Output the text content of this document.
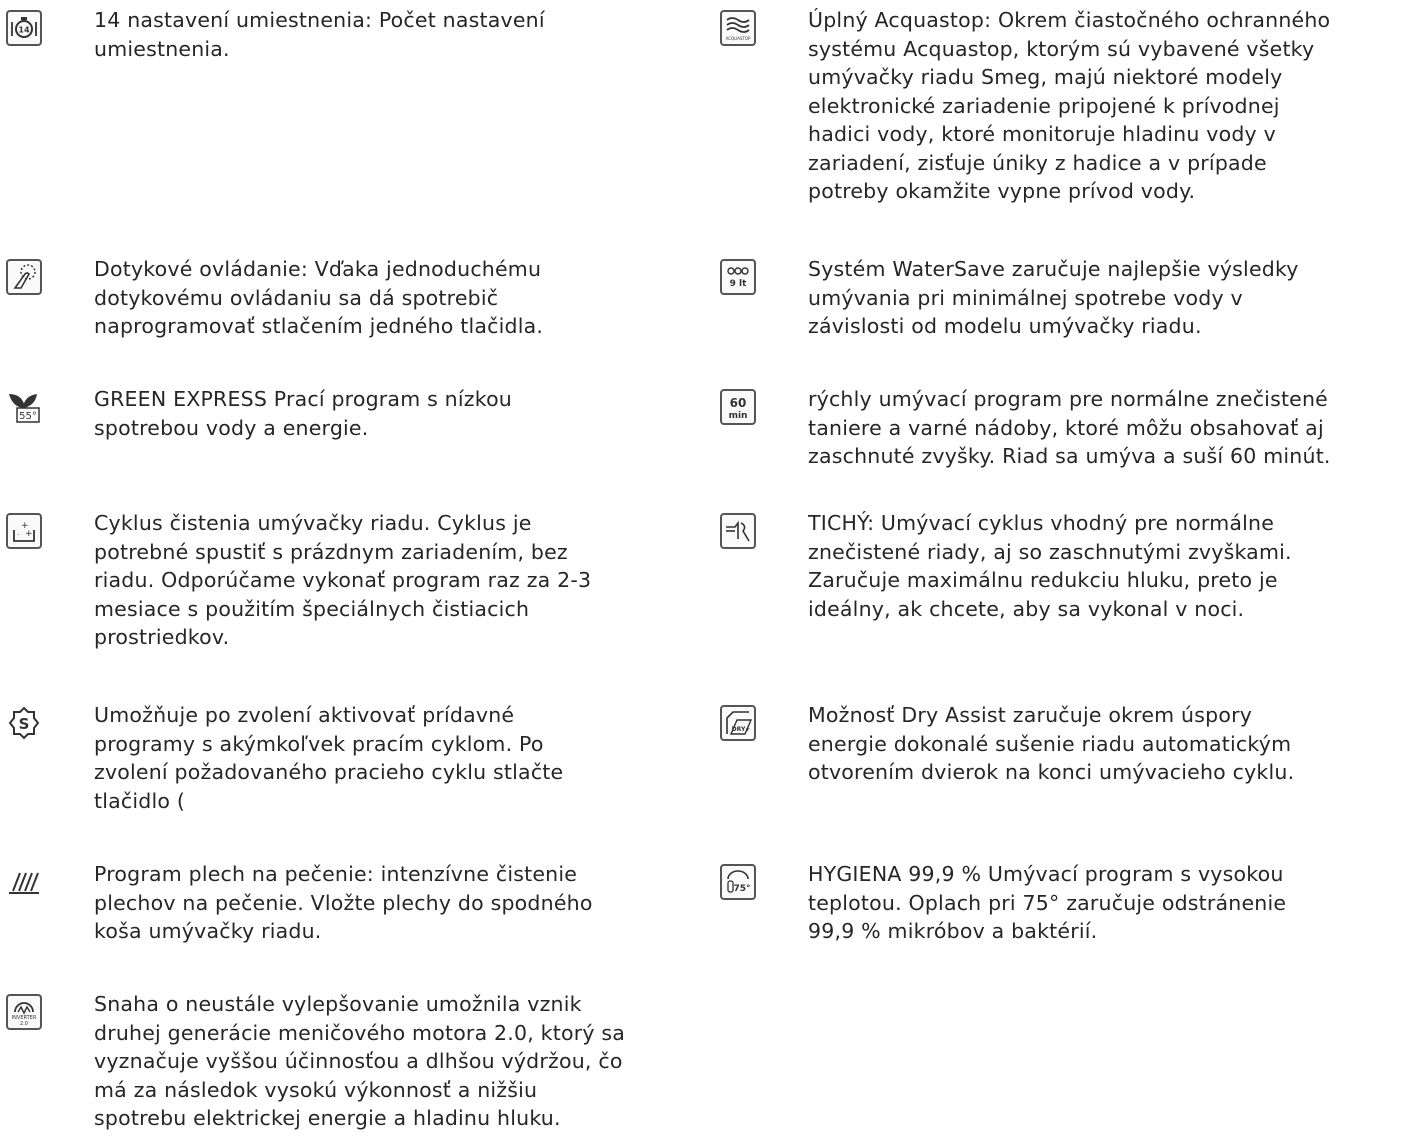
14	14 nastavení umiestnenia: Počet nastavení
umiestnenia.
Dotykové ovládanie: Vďaka jednoduchému
dotykovému ovládaniu sa dá spotrebič
naprogramovať stlačením jedného tlačidla.
55°
GREEN EXPRESS Prací program s nízkou
spotrebou vody a energie.
+
+
·	Cyklus čistenia umývačky riadu. Cyklus je
potrebné spustiť s prázdnym zariadením, bez
riadu. Odporúčame vykonať program raz za 2-3
mesiace s použitím špeciálnych čistiacich
prostriedkov.
S	Umožňuje po zvolení aktivovať prídavné
programy s akýmkoľvek pracím cyklom. Po
zvolení požadovaného pracieho cyklu stlačte
tlačidlo (
Program plech na pečenie: intenzívne čistenie
plechov na pečenie. Vložte plechy do spodného
koša umývačky riadu.
INVERTER
2.0
Snaha o neustále vylepšovanie umožnila vznik
druhej generácie meničového motora 2.0, ktorý sa
vyznačuje vyššou účinnosťou a dlhšou výdržou, čo
má za následok vysokú výkonnosť a nižšiu
spotrebu elektrickej energie a hladinu hluku.
ACQUASTOP
Úplný Acquastop: Okrem čiastočného ochranného
systému Acquastop, ktorým sú vybavené všetky
umývačky riadu Smeg, majú niektoré modely
elektronické zariadenie pripojené k prívodnej
hadici vody, ktoré monitoruje hladinu vody v
zariadení, zisťuje úniky z hadice a v prípade
potreby okamžite vypne prívod vody.
9 lt
Systém WaterSave zaručuje najlepšie výsledky
umývania pri minimálnej spotrebe vody v
závislosti od modelu umývačky riadu.
60
min
rýchly umývací program pre normálne znečistené
taniere a varné nádoby, ktoré môžu obsahovať aj
zaschnuté zvyšky. Riad sa umýva a suší 60 minút.
TICHÝ: Umývací cyklus vhodný pre normálne
znečistené riady, aj so zaschnutými zvyškami.
Zaručuje maximálnu redukciu hluku, preto je
ideálny, ak chcete, aby sa vykonal v noci.
DRY+
Možnosť Dry Assist zaručuje okrem úspory
energie dokonalé sušenie riadu automatickým
otvorením dvierok na konci umývacieho cyklu.
75°
HYGIENA 99,9 % Umývací program s vysokou
teplotou. Oplach pri 75° zaručuje odstránenie
99,9 % mikróbov a baktérií.
